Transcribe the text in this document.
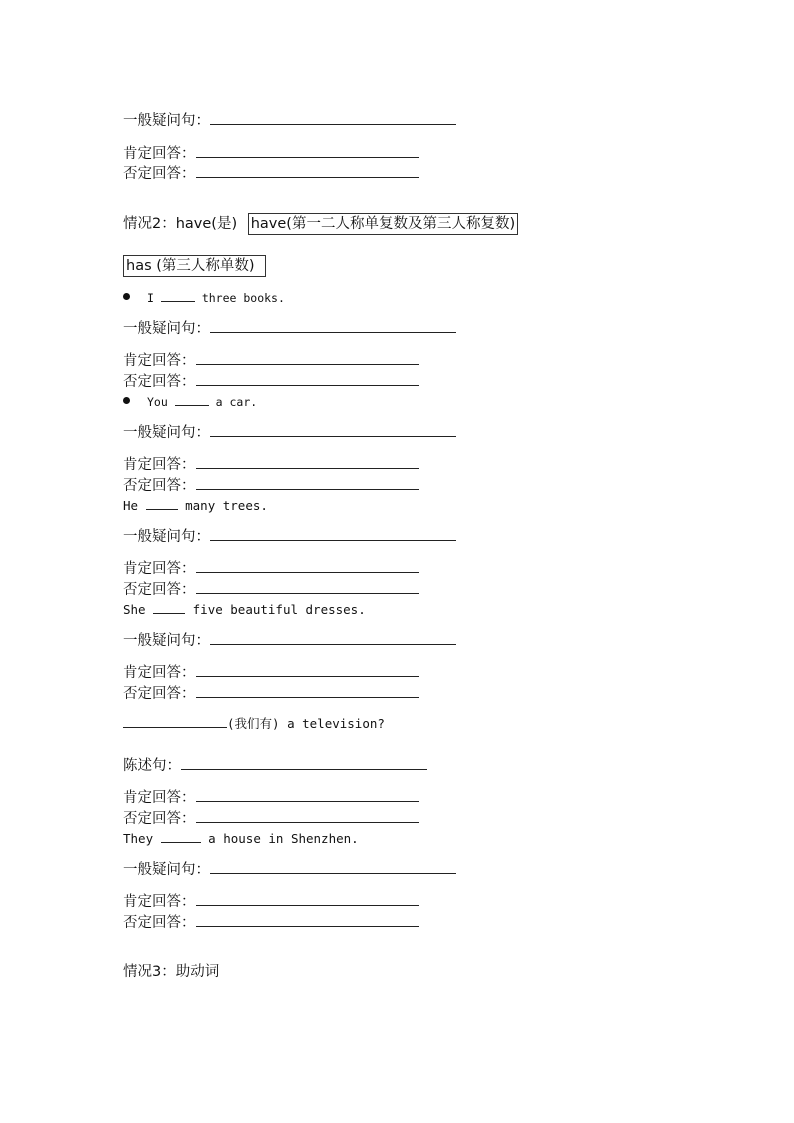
一般疑问句：
肯定回答：
否定回答：
情况2：have(是) have(第一二人称单复数及第三人称复数)
has (第三人称单数)
I	three books.
一般疑问句：
肯定回答：
否定回答：
You	a car.
一般疑问句：
肯定回答：
否定回答：
He	many trees.
一般疑问句：
肯定回答：
否定回答：
She	five beautiful dresses.
一般疑问句：
肯定回答：
否定回答：
(我们有) a television?
陈述句：
肯定回答：
否定回答：
They	a house in Shenzhen.
一般疑问句：
肯定回答：
否定回答：
情况3：助动词
